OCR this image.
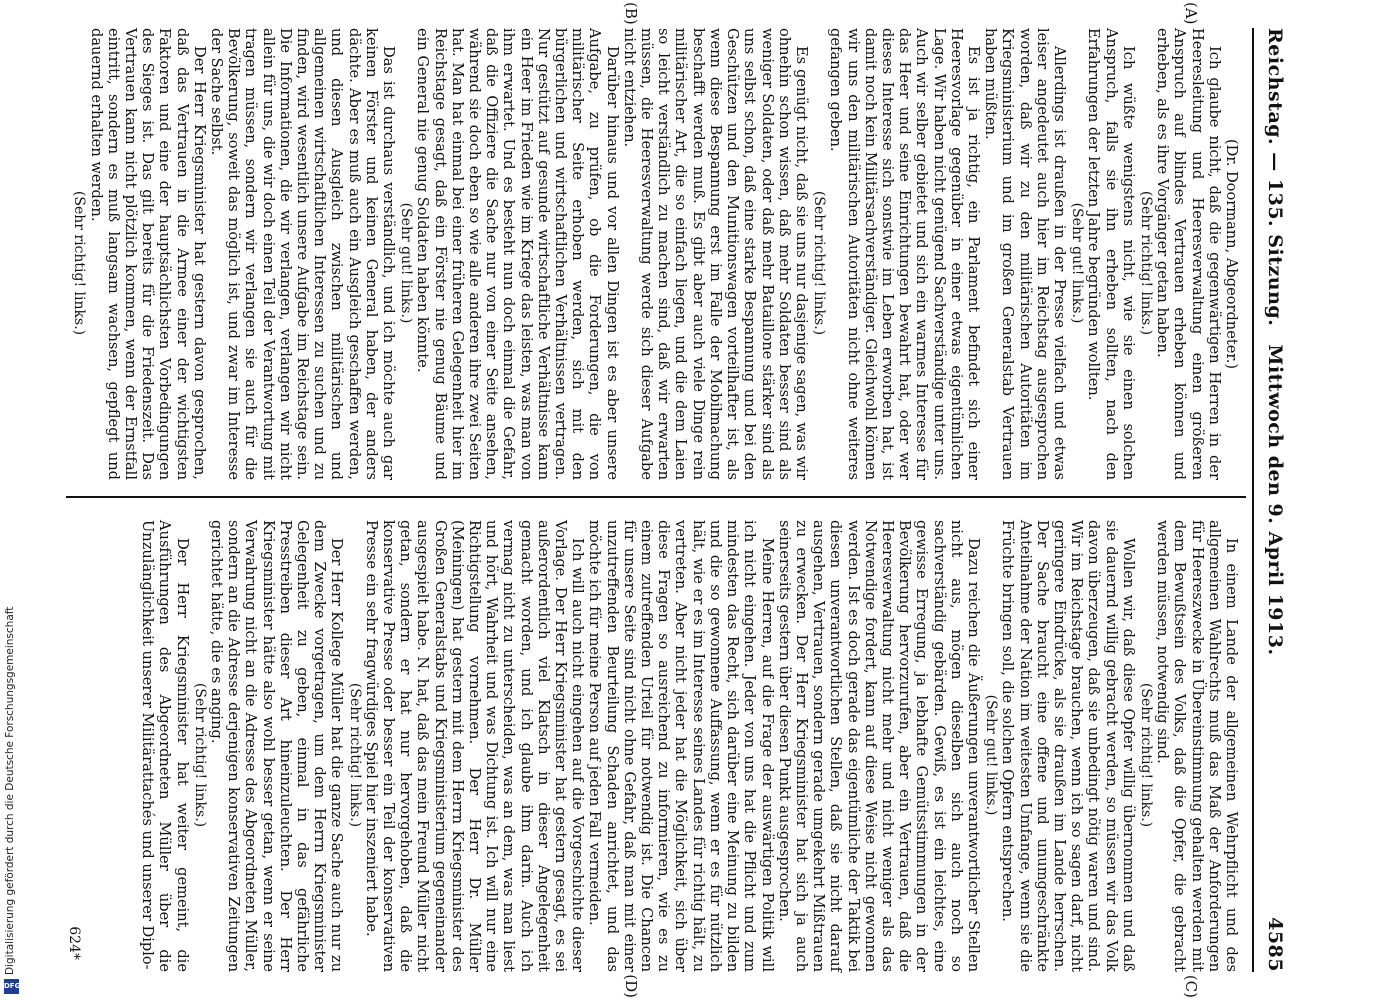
Reichstag. — 135. Sitzung.
Mittwoch den 9. April 1913.
4585
(A)
(B)
(C)
(D)

(Dr. Doormann, Abgeordneter.)

Ich glaube nicht, daß die gegenwärtigen Herren in der Heeresleitung und Heeresverwaltung einen größeren Anspruch auf blindes Vertrauen erheben können und erheben, als es ihre Vorgänger getan haben.

(Sehr richtig! links.)

Ich wüßte wenigstens nicht, wie sie einen solchen Anspruch, falls sie ihn erheben sollten, nach den Erfahrungen der letzten Jahre begründen wollten.

(Sehr gut! links.)

Allerdings ist draußen in der Presse vielfach und etwas leiser angedeutet auch hier im Reichstag ausgesprochen worden, daß wir zu den militärischen Autoritäten im Kriegsministerium und im großen Generalstab Vertrauen haben müßten.

Es ist ja richtig, ein Parlament befindet sich einer Heeresvorlage gegenüber in einer etwas eigentümlichen Lage. Wir haben nicht genügend Sachverständige unter uns. Auch wir selber gebietet und sich ein warmes Interesse für das Heer und seine Einrichtungen bewahrt hat, oder wer dieses Interesse sich sonstwie im Leben erworben hat, ist damit noch kein Militärsachverständiger. Gleichwohl können wir uns den militärischen Autoritäten nicht ohne weiteres gefangen geben.

(Sehr richtig! links.)

Es genügt nicht, daß sie uns nur dasjenige sagen, was wir ohnehin schon wissen, daß mehr Soldaten besser sind als weniger Soldaten, oder daß mehr Bataillone stärker sind als uns selbst schon, daß eine starke Bespannung und bei den Geschützen und den Munitionswagen vorteilhafter ist, als wenn diese Bespannung erst im Falle der Mobilmachung beschafft werden muß. Es gibt aber auch viele Dinge rein militärischer Art, die so einfach liegen, und die dem Laien so leicht verständlich zu machen sind, daß wir erwarten müssen, die Heeresverwaltung werde sich dieser Aufgabe nicht entziehen.

Darüber hinaus und vor allen Dingen ist es aber unsere Aufgabe, zu prüfen, ob die Forderungen, die von militärischer Seite erhoben werden, sich mit den bürgerlichen und wirtschaftlichen Verhältnissen vertragen. Nur gestützt auf gesunde wirtschaftliche Verhältnisse kann ein Heer im Frieden wie im Kriege das leisten, was man von ihm erwartet. Und es besteht nun doch einmal die Gefahr, daß die Offiziere die Sache nur von einer Seite ansehen, während sie doch eben so wie alle anderen ihre zwei Seiten hat. Man hat einmal bei einer früheren Gelegenheit hier im Reichstage gesagt, daß ein Förster nie genug Bäume und ein General nie genug Soldaten haben könnte.

(Sehr gut! links.)

Das ist durchaus verständlich, und ich möchte auch gar keinen Förster und keinen General haben, der anders dächte. Aber es muß auch ein Ausgleich geschaffen werden, und diesen Ausgleich zwischen militärischen und allgemeinen wirtschaftlichen Interessen zu suchen und zu finden, wird wesentlich unsere Aufgabe im Reichstage sein. Die Informationen, die wir verlangen, verlangen wir nicht allein für uns, die wir doch einen Teil der Verantwortung mit tragen müssen, sondern wir verlangen sie auch für die Bevölkerung, soweit das möglich ist, und zwar im Interesse der Sache selbst.

Der Herr Kriegsminister hat gestern davon gesprochen, daß das Vertrauen in die Armee einer der wichtigsten Faktoren und eine der hauptsächlichsten Vorbedingungen des Sieges ist. Das gilt bereits für die Friedenszeit. Das Vertrauen kann nicht plötzlich kommen, wenn der Ernstfall eintritt, sondern es muß langsam wachsen, gepflegt und dauernd erhalten werden.

(Sehr richtig! links.)

In einem Lande der allgemeinen Wehrpflicht und des allgemeinen Wahlrechts muß das Maß der Anforderungen für Heereszwecke in Übereinstimmung gehalten werden mit dem Bewußtsein des Volks, daß die Opfer, die gebracht werden müssen, notwendig sind.

(Sehr richtig! links.)

Wollen wir, daß diese Opfer willig übernommen und daß sie dauernd willig gebracht werden, so müssen wir das Volk davon überzeugen, daß sie unbedingt nötig waren und sind. Wir im Reichstage brauchen, wenn ich so sagen darf, nicht geringere Eindrücke, als sie draußen im Lande herrschen. Der Sache braucht eine offene und unumgeschränkte Anteilnahme der Nation im weitesten Umfange, wenn sie die Früchte bringen soll, die solchen Opfern entsprechen.

(Sehr gut! links.)

Dazu reichen die Äußerungen unverantwortlicher Stellen nicht aus, mögen dieselben sich auch noch so sachverständig gebärden. Gewiß, es ist ein leichtes, eine gewisse Erregung, ja lebhafte Gemütsstimmungen in der Bevölkerung hervorzurufen, aber ein Vertrauen, daß die Heeresverwaltung nicht mehr und nicht weniger als das Notwendige fordert, kann auf diese Weise nicht gewonnen werden. Ist es doch gerade das eigentümliche der Taktik bei diesen unverantwortlichen Stellen, daß sie nicht darauf ausgehen, Vertrauen, sondern gerade umgekehrt Mißtrauen zu erwecken. Der Herr Kriegsminister hat sich ja auch seinerseits gestern über diesen Punkt ausgesprochen.

Meine Herren, auf die Frage der auswärtigen Politik will ich nicht eingehen. Jeder von uns hat die Pflicht und zum mindesten das Recht, sich darüber eine Meinung zu bilden und die so gewonnene Auffassung, wenn er es für nützlich hält, wie er es im Interesse seines Landes für richtig hält, zu vertreten. Aber nicht jeder hat die Möglichkeit, sich über diese Fragen so ausreichend zu informieren, wie es zu einem zutreffenden Urteil für notwendig ist. Die Chancen für unsere Seite sind nicht ohne Gefahr, daß man mit einer unzutreffenden Beurteilung Schaden anrichtet, und das möchte ich für meine Person auf jeden Fall vermeiden.

Ich will auch nicht eingehen auf die Vorgeschichte dieser Vorlage. Der Herr Kriegsminister hat gestern gesagt, es sei außerordentlich viel Klatsch in dieser Angelegenheit gemacht worden, und ich glaube ihm darin. Auch ich vermag nicht zu unterscheiden, was an dem, was man liest und hört, Wahrheit und was Dichtung ist. Ich will nur eine Richtigstellung vornehmen. Der Herr Dr. Müller (Meiningen) hat gestern mit dem Herrn Kriegsminister des Großen Generalstabs und Kriegsministerium gegeneinander ausgespielt habe. N. hat, daß das mein Freund Müller nicht getan, sondern er hat nur hervorgehoben, daß die konservative Presse oder besser ein Teil der konservativen Presse ein sehr fragwürdiges Spiel hier inszeniert habe.

(Sehr richtig! links.)

Der Herr Kollege Müller hat die ganze Sache auch nur zu dem Zwecke vorgetragen, um dem Herrn Kriegsminister Gelegenheit zu geben, einmal in das gefährliche Presstreiben dieser Art hineinzuleuchten. Der Herr Kriegsminister hätte also wohl besser getan, wenn er seine Verwahrung nicht an die Adresse des Abgeordneten Müller, sondern an die Adresse derjenigen konservativen Zeitungen gerichtet hätte, die es anging.

(Sehr richtig! links.)

Der Herr Kriegsminister hat weiter gemeint, die Ausführungen des Abgeordneten Müller über die Unzulänglichkeit unserer Militärattachés und unserer Diplo-

624*
Digitalisierung gefördert durch die Deutsche Forschungsgemeinschaft
DFG
